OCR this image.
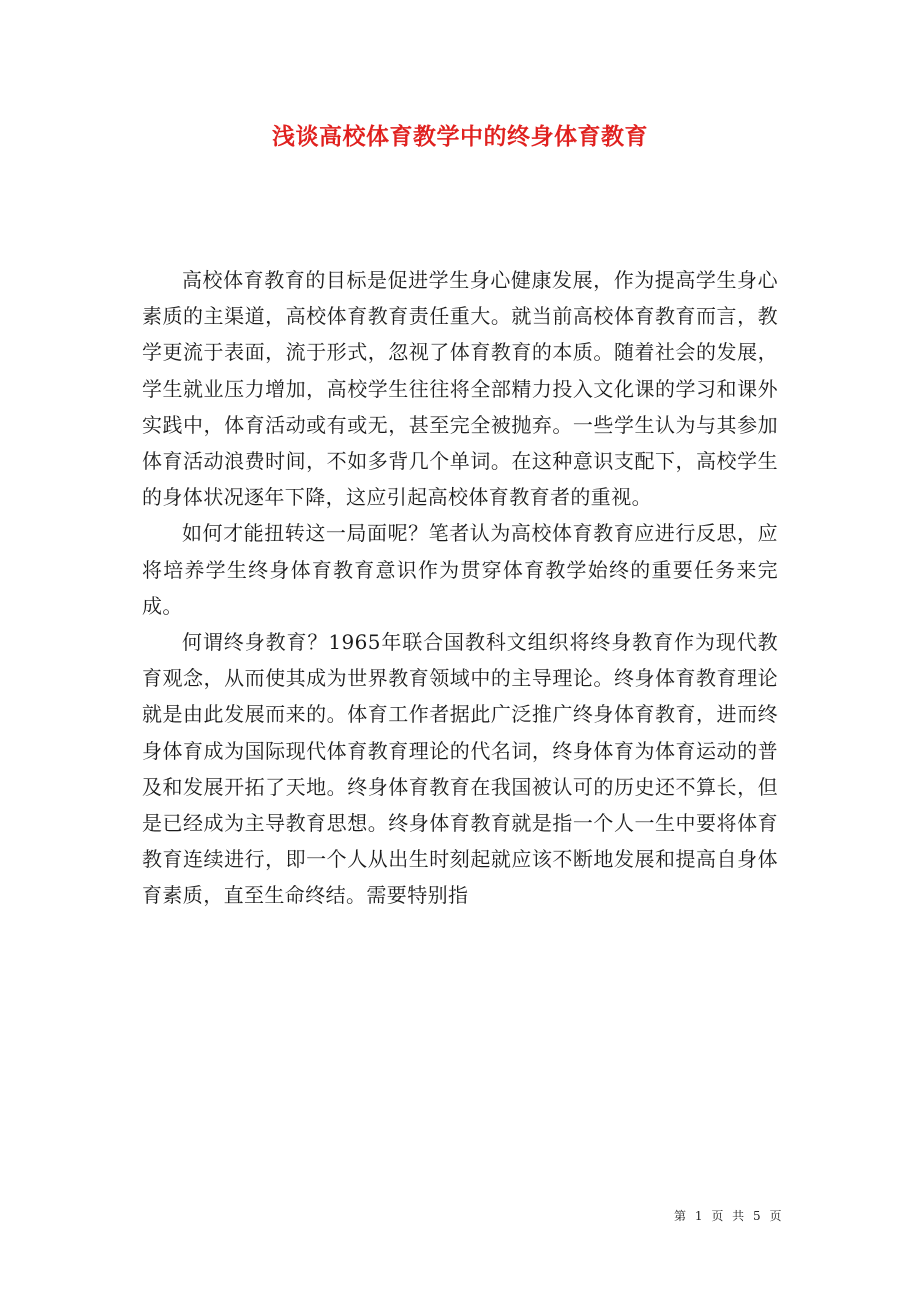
浅谈高校体育教学中的终身体育教育

高校体育教育的目标是促进学生身心健康发展，作为提高学生身心素质的主渠道，高校体育教育责任重大。就当前高校体育教育而言，教学更流于表面，流于形式，忽视了体育教育的本质。随着社会的发展，学生就业压力增加，高校学生往往将全部精力投入文化课的学习和课外实践中，体育活动或有或无，甚至完全被抛弃。一些学生认为与其参加体育活动浪费时间，不如多背几个单词。在这种意识支配下，高校学生的身体状况逐年下降，这应引起高校体育教育者的重视。

如何才能扭转这一局面呢？笔者认为高校体育教育应进行反思，应将培养学生终身体育教育意识作为贯穿体育教学始终的重要任务来完成。

何谓终身教育？1965年联合国教科文组织将终身教育作为现代教育观念，从而使其成为世界教育领域中的主导理论。终身体育教育理论就是由此发展而来的。体育工作者据此广泛推广终身体育教育，进而终身体育成为国际现代体育教育理论的代名词，终身体育为体育运动的普及和发展开拓了天地。终身体育教育在我国被认可的历史还不算长，但是已经成为主导教育思想。终身体育教育就是指一个人一生中要将体育教育连续进行，即一个人从出生时刻起就应该不断地发展和提高自身体育素质，直至生命终结。需要特别指

第 1 页 共 5 页
